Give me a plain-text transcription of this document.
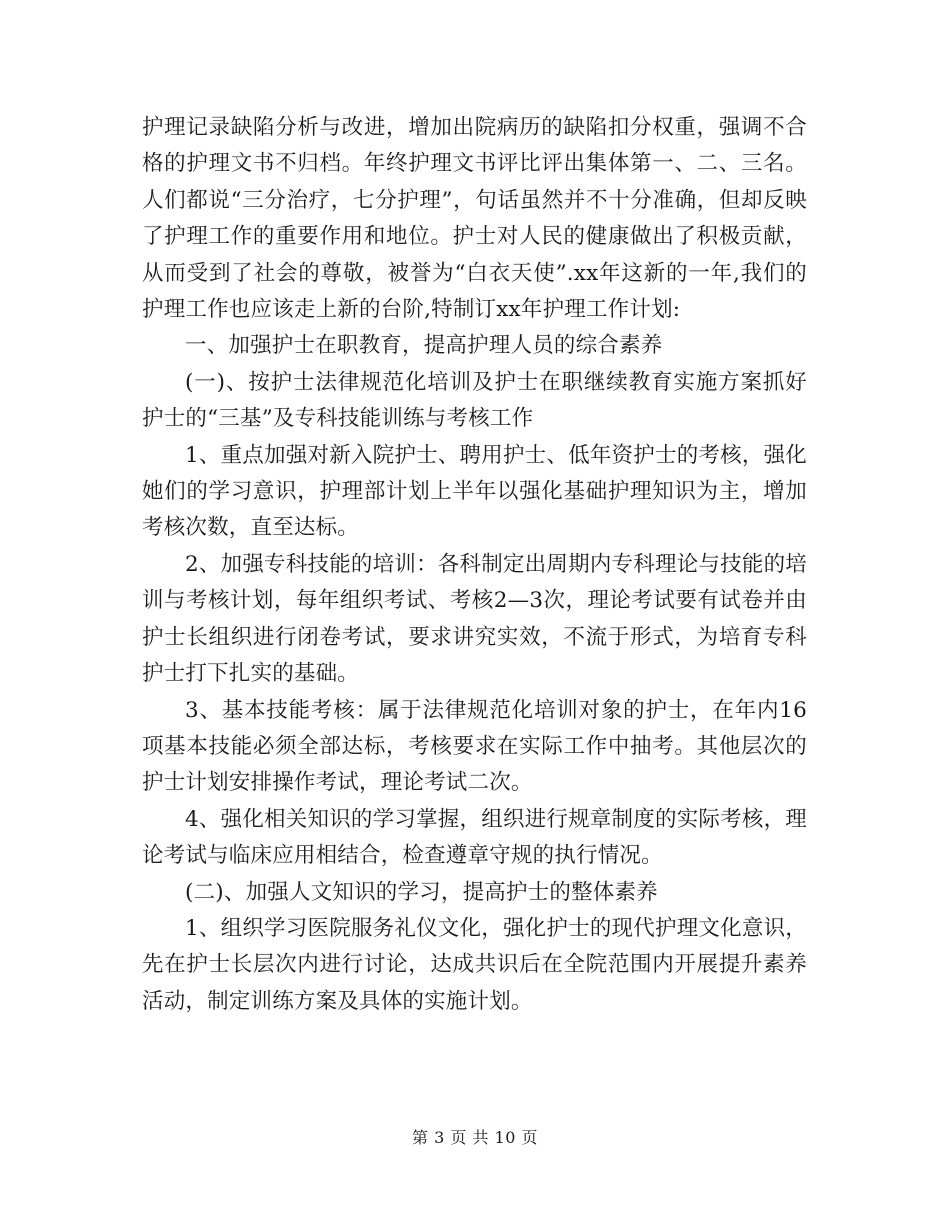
护理记录缺陷分析与改进，增加出院病历的缺陷扣分权重，强调不合格的护理文书不归档。年终护理文书评比评出集体第一、二、三名。人们都说“三分治疗，七分护理”，句话虽然并不十分准确，但却反映了护理工作的重要作用和地位。护士对人民的健康做出了积极贡献，从而受到了社会的尊敬，被誉为“白衣天使”.xx年这新的一年,我们的护理工作也应该走上新的台阶,特制订xx年护理工作计划:

一、加强护士在职教育，提高护理人员的综合素养

(一)、按护士法律规范化培训及护士在职继续教育实施方案抓好护士的“三基”及专科技能训练与考核工作

1、重点加强对新入院护士、聘用护士、低年资护士的考核，强化她们的学习意识，护理部计划上半年以强化基础护理知识为主，增加考核次数，直至达标。

2、加强专科技能的培训：各科制定出周期内专科理论与技能的培训与考核计划，每年组织考试、考核2—3次，理论考试要有试卷并由护士长组织进行闭卷考试，要求讲究实效，不流于形式，为培育专科护士打下扎实的基础。

3、基本技能考核：属于法律规范化培训对象的护士，在年内16项基本技能必须全部达标，考核要求在实际工作中抽考。其他层次的护士计划安排操作考试，理论考试二次。

4、强化相关知识的学习掌握，组织进行规章制度的实际考核，理论考试与临床应用相结合，检查遵章守规的执行情况。

(二)、加强人文知识的学习，提高护士的整体素养

1、组织学习医院服务礼仪文化，强化护士的现代护理文化意识，先在护士长层次内进行讨论，达成共识后在全院范围内开展提升素养活动，制定训练方案及具体的实施计划。

第 3 页 共 10 页
